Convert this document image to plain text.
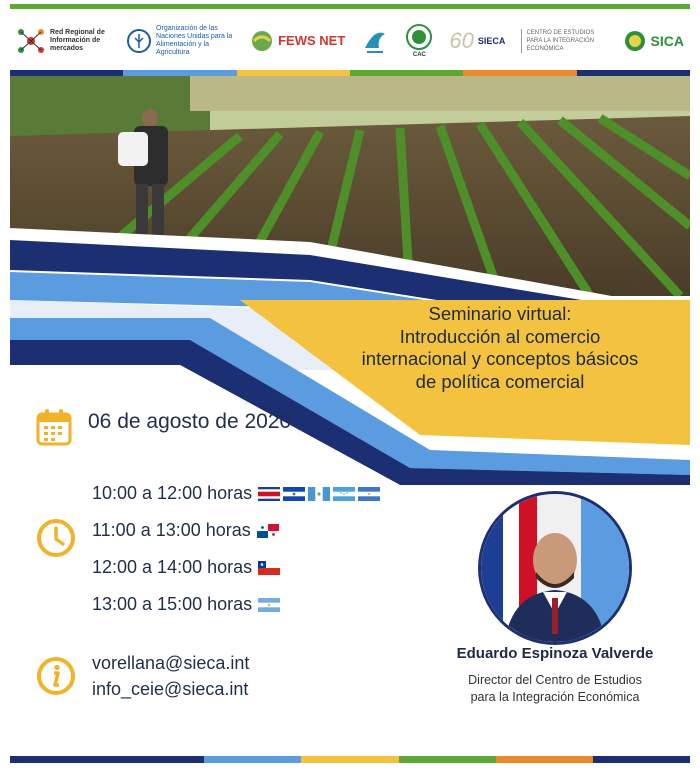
Red Regional de Información de mercados
Organización de las Naciones Unidas para la Alimentación y la Agricultura
FEWS NET
CAC
60 SIECA
CENTRO DE ESTUDIOS PARA LA INTEGRACIÓN ECONÓMICA	SICA
Seminario virtual:
Introducción al comercio
internacional y conceptos básicos
de política comercial
06 de agosto de 2020
10:00 a 12:00 horas
11:00 a 13:00 horas
12:00 a 14:00 horas
13:00 a 15:00 horas
vorellana@sieca.int
info_ceie@sieca.int
Eduardo Espinoza Valverde
Director del Centro de Estudios
para la Integración Económica
